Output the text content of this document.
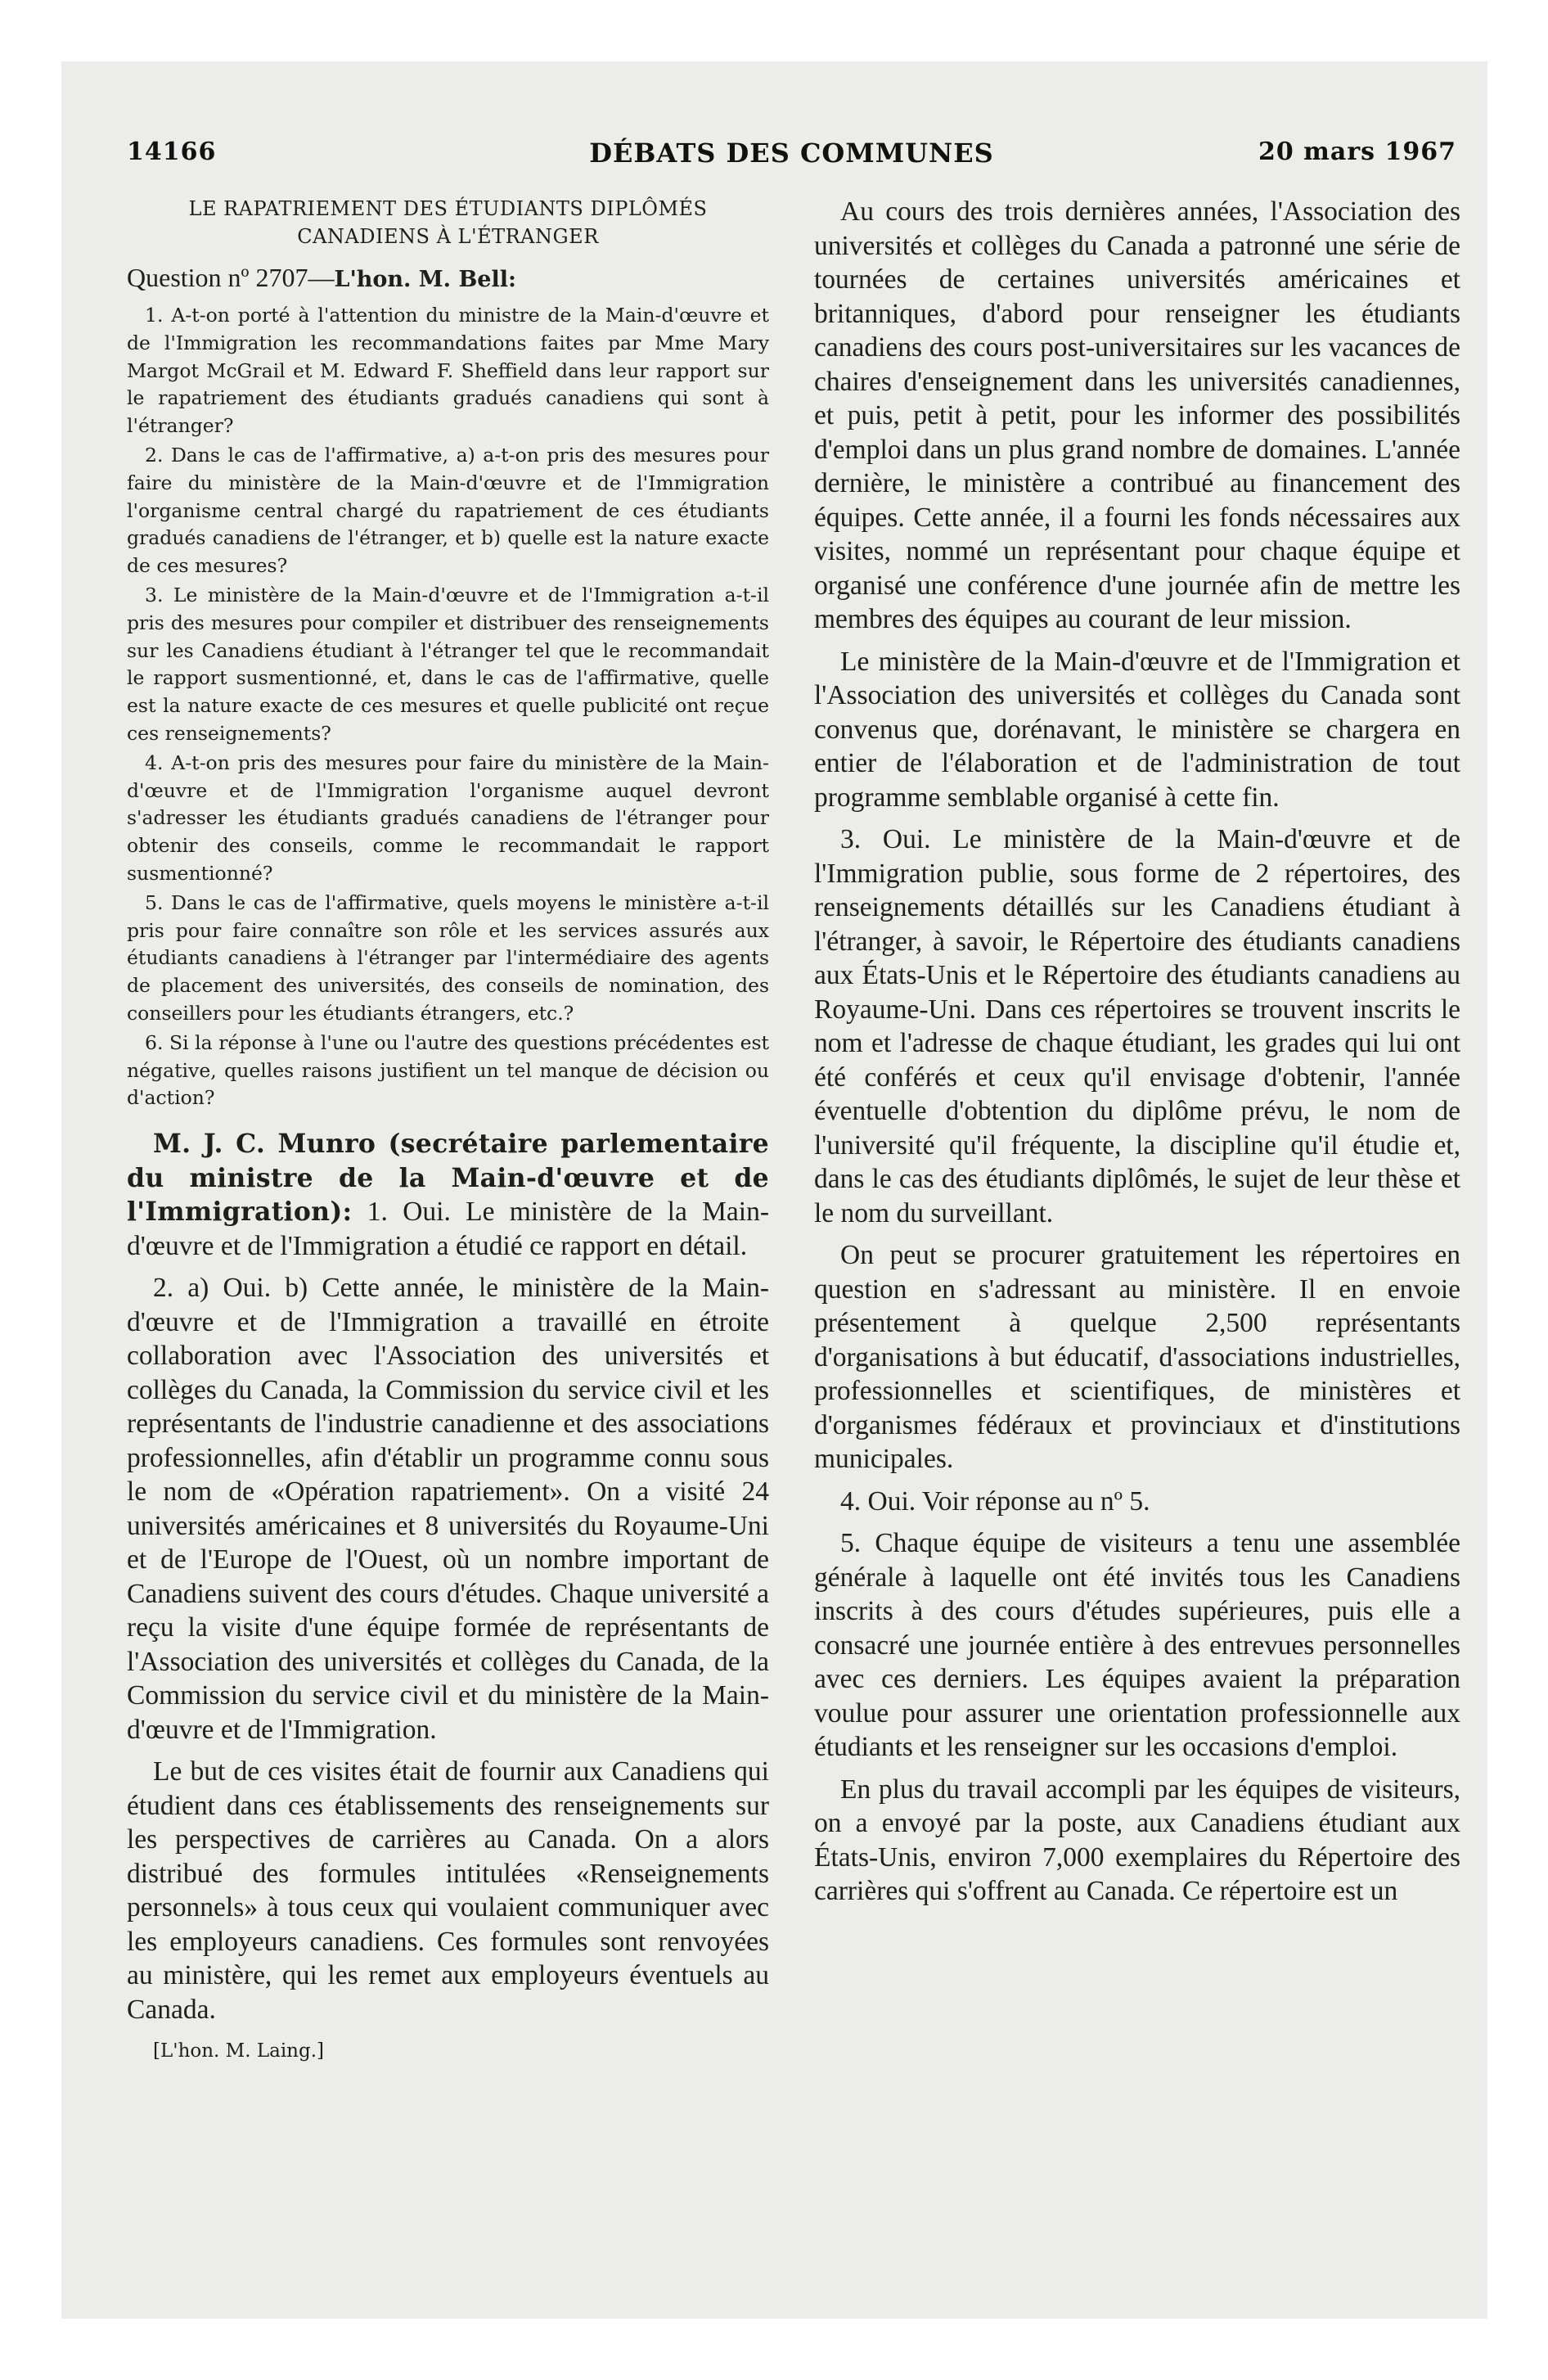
14166	DÉBATS DES COMMUNES	20 mars 1967
LE RAPATRIEMENT DES ÉTUDIANTS DIPLÔMÉS
CANADIENS À L'ÉTRANGER

Question nº 2707—L'hon. M. Bell:

1. A-t-on porté à l'attention du ministre de la Main-d'œuvre et de l'Immigration les recommandations faites par Mme Mary Margot McGrail et M. Edward F. Sheffield dans leur rapport sur le rapatriement des étudiants gradués canadiens qui sont à l'étranger?

2. Dans le cas de l'affirmative, a) a-t-on pris des mesures pour faire du ministère de la Main-d'œuvre et de l'Immigration l'organisme central chargé du rapatriement de ces étudiants gradués canadiens de l'étranger, et b) quelle est la nature exacte de ces mesures?

3. Le ministère de la Main-d'œuvre et de l'Immigration a-t-il pris des mesures pour compiler et distribuer des renseignements sur les Canadiens étudiant à l'étranger tel que le recommandait le rapport susmentionné, et, dans le cas de l'affirmative, quelle est la nature exacte de ces mesures et quelle publicité ont reçue ces renseignements?

4. A-t-on pris des mesures pour faire du ministère de la Main-d'œuvre et de l'Immigration l'organisme auquel devront s'adresser les étudiants gradués canadiens de l'étranger pour obtenir des conseils, comme le recommandait le rapport susmentionné?

5. Dans le cas de l'affirmative, quels moyens le ministère a-t-il pris pour faire connaître son rôle et les services assurés aux étudiants canadiens à l'étranger par l'intermédiaire des agents de placement des universités, des conseils de nomination, des conseillers pour les étudiants étrangers, etc.?

6. Si la réponse à l'une ou l'autre des questions précédentes est négative, quelles raisons justifient un tel manque de décision ou d'action?

M. J. C. Munro (secrétaire parlementaire du ministre de la Main-d'œuvre et de l'Immigration): 1. Oui. Le ministère de la Main-d'œuvre et de l'Immigration a étudié ce rapport en détail.

2. a) Oui. b) Cette année, le ministère de la Main-d'œuvre et de l'Immigration a travaillé en étroite collaboration avec l'Association des universités et collèges du Canada, la Commission du service civil et les représentants de l'industrie canadienne et des associations professionnelles, afin d'établir un programme connu sous le nom de «Opération rapatriement». On a visité 24 universités américaines et 8 universités du Royaume-Uni et de l'Europe de l'Ouest, où un nombre important de Canadiens suivent des cours d'études. Chaque université a reçu la visite d'une équipe formée de représentants de l'Association des universités et collèges du Canada, de la Commission du service civil et du ministère de la Main-d'œuvre et de l'Immigration.

Le but de ces visites était de fournir aux Canadiens qui étudient dans ces établissements des renseignements sur les perspectives de carrières au Canada. On a alors distribué des formules intitulées «Renseignements personnels» à tous ceux qui voulaient communiquer avec les employeurs canadiens. Ces formules sont renvoyées au ministère, qui les remet aux employeurs éventuels au Canada.

[L'hon. M. Laing.]

Au cours des trois dernières années, l'Association des universités et collèges du Canada a patronné une série de tournées de certaines universités américaines et britanniques, d'abord pour renseigner les étudiants canadiens des cours post-universitaires sur les vacances de chaires d'enseignement dans les universités canadiennes, et puis, petit à petit, pour les informer des possibilités d'emploi dans un plus grand nombre de domaines. L'année dernière, le ministère a contribué au financement des équipes. Cette année, il a fourni les fonds nécessaires aux visites, nommé un représentant pour chaque équipe et organisé une conférence d'une journée afin de mettre les membres des équipes au courant de leur mission.

Le ministère de la Main-d'œuvre et de l'Immigration et l'Association des universités et collèges du Canada sont convenus que, dorénavant, le ministère se chargera en entier de l'élaboration et de l'administration de tout programme semblable organisé à cette fin.

3. Oui. Le ministère de la Main-d'œuvre et de l'Immigration publie, sous forme de 2 répertoires, des renseignements détaillés sur les Canadiens étudiant à l'étranger, à savoir, le Répertoire des étudiants canadiens aux États-Unis et le Répertoire des étudiants canadiens au Royaume-Uni. Dans ces répertoires se trouvent inscrits le nom et l'adresse de chaque étudiant, les grades qui lui ont été conférés et ceux qu'il envisage d'obtenir, l'année éventuelle d'obtention du diplôme prévu, le nom de l'université qu'il fréquente, la discipline qu'il étudie et, dans le cas des étudiants diplômés, le sujet de leur thèse et le nom du surveillant.

On peut se procurer gratuitement les répertoires en question en s'adressant au ministère. Il en envoie présentement à quelque 2,500 représentants d'organisations à but éducatif, d'associations industrielles, professionnelles et scientifiques, de ministères et d'organismes fédéraux et provinciaux et d'institutions municipales.

4. Oui. Voir réponse au nº 5.

5. Chaque équipe de visiteurs a tenu une assemblée générale à laquelle ont été invités tous les Canadiens inscrits à des cours d'études supérieures, puis elle a consacré une journée entière à des entrevues personnelles avec ces derniers. Les équipes avaient la préparation voulue pour assurer une orientation professionnelle aux étudiants et les renseigner sur les occasions d'emploi.

En plus du travail accompli par les équipes de visiteurs, on a envoyé par la poste, aux Canadiens étudiant aux États-Unis, environ 7,000 exemplaires du Répertoire des carrières qui s'offrent au Canada. Ce répertoire est un
